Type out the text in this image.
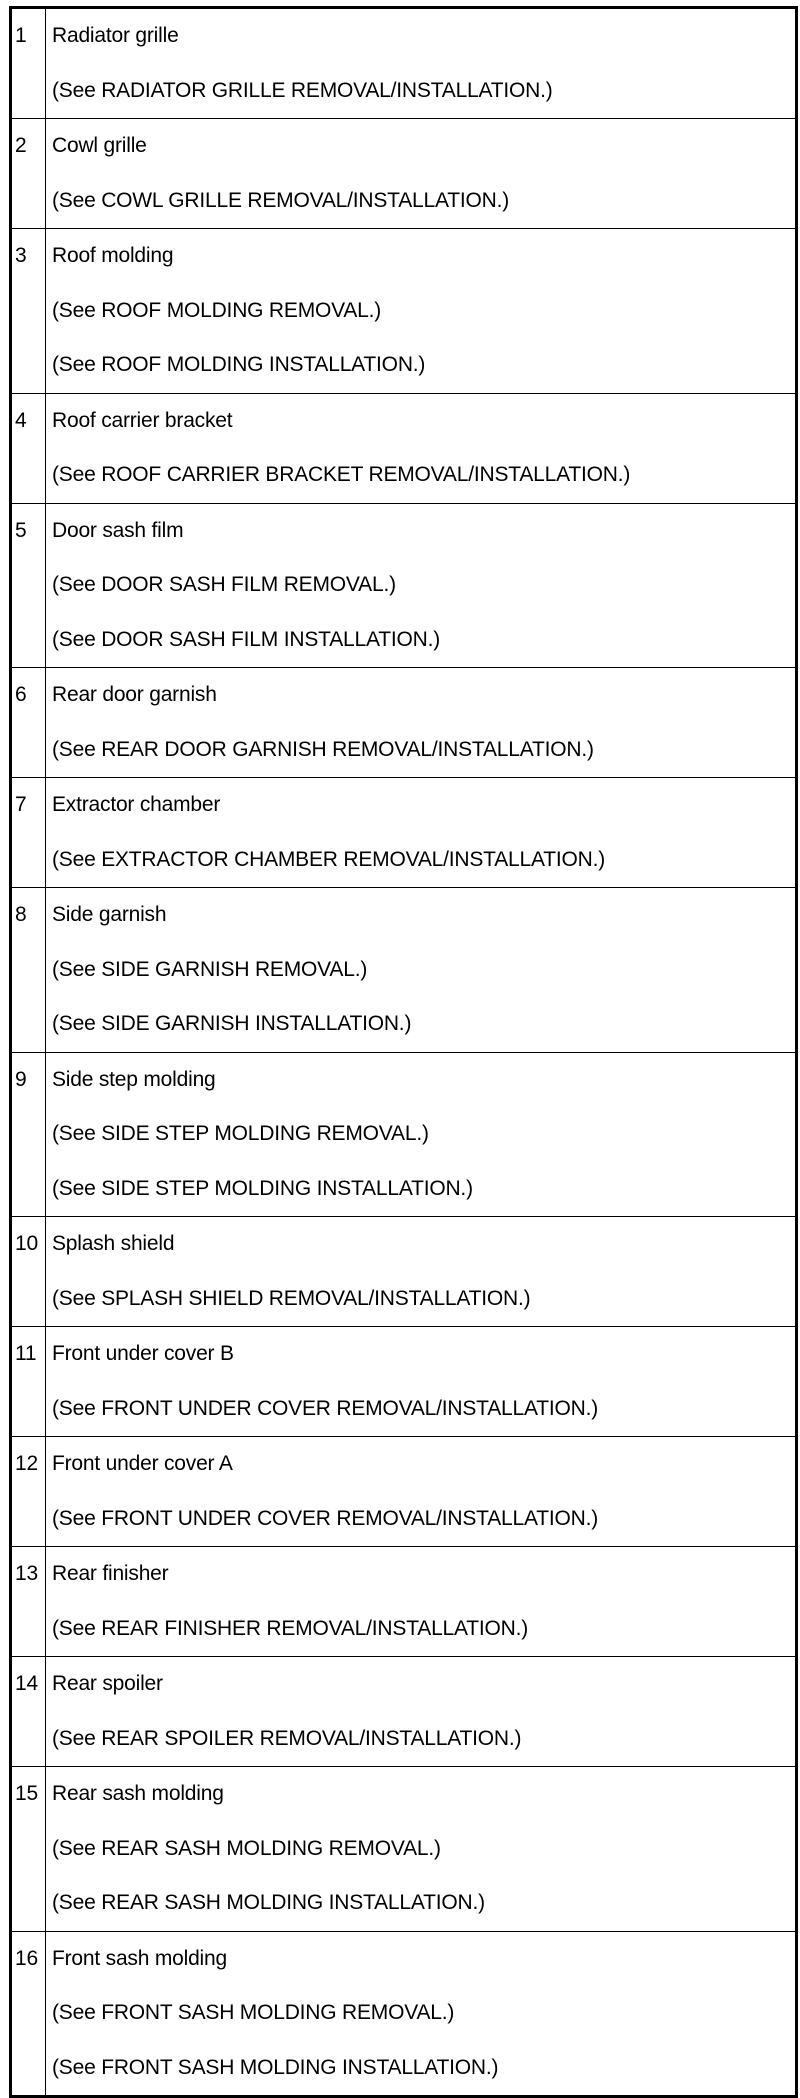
1	Radiator grille
(See RADIATOR GRILLE REMOVAL/INSTALLATION.)

2	Cowl grille
(See COWL GRILLE REMOVAL/INSTALLATION.)

3	Roof molding
(See ROOF MOLDING REMOVAL.)
(See ROOF MOLDING INSTALLATION.)

4	Roof carrier bracket
(See ROOF CARRIER BRACKET REMOVAL/INSTALLATION.)

5	Door sash film
(See DOOR SASH FILM REMOVAL.)
(See DOOR SASH FILM INSTALLATION.)

6	Rear door garnish
(See REAR DOOR GARNISH REMOVAL/INSTALLATION.)

7	Extractor chamber
(See EXTRACTOR CHAMBER REMOVAL/INSTALLATION.)

8	Side garnish
(See SIDE GARNISH REMOVAL.)
(See SIDE GARNISH INSTALLATION.)

9	Side step molding
(See SIDE STEP MOLDING REMOVAL.)
(See SIDE STEP MOLDING INSTALLATION.)

10	Splash shield
(See SPLASH SHIELD REMOVAL/INSTALLATION.)

11	Front under cover B
(See FRONT UNDER COVER REMOVAL/INSTALLATION.)

12	Front under cover A
(See FRONT UNDER COVER REMOVAL/INSTALLATION.)

13	Rear finisher
(See REAR FINISHER REMOVAL/INSTALLATION.)

14	Rear spoiler
(See REAR SPOILER REMOVAL/INSTALLATION.)

15	Rear sash molding
(See REAR SASH MOLDING REMOVAL.)
(See REAR SASH MOLDING INSTALLATION.)

16	Front sash molding
(See FRONT SASH MOLDING REMOVAL.)
(See FRONT SASH MOLDING INSTALLATION.)
